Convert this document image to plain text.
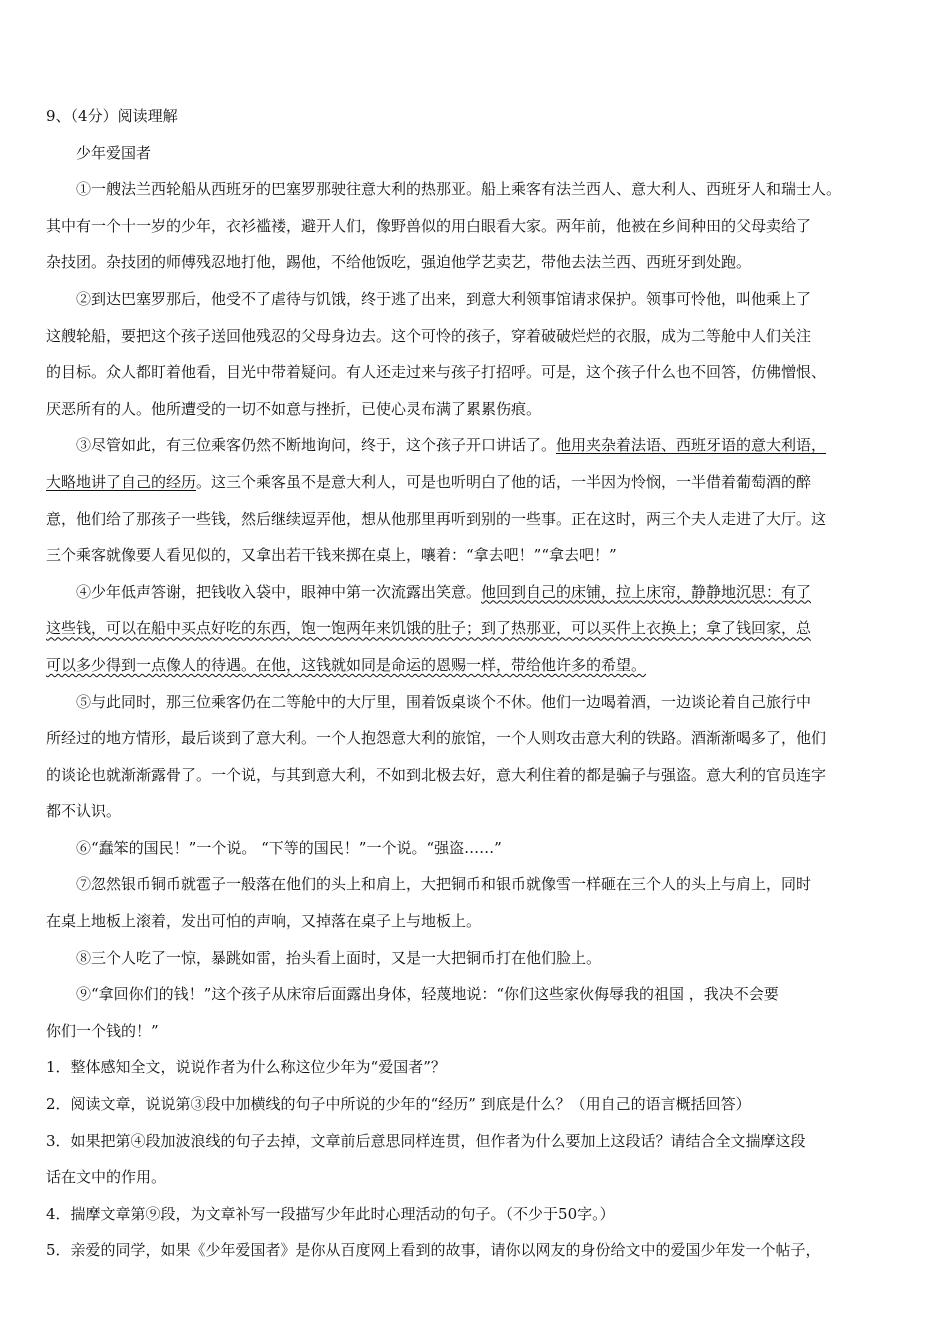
9、（4分）阅读理解
少年爱国者
①一艘法兰西轮船从西班牙的巴塞罗那驶往意大利的热那亚。船上乘客有法兰西人、意大利人、西班牙人和瑞士人。
其中有一个十一岁的少年，衣衫褴褛，避开人们，像野兽似的用白眼看大家。两年前，他被在乡间种田的父母卖给了
杂技团。杂技团的师傅残忍地打他，踢他，不给他饭吃，强迫他学艺卖艺，带他去法兰西、西班牙到处跑。
②到达巴塞罗那后，他受不了虐待与饥饿，终于逃了出来，到意大利领事馆请求保护。领事可怜他，叫他乘上了
这艘轮船，要把这个孩子送回他残忍的父母身边去。这个可怜的孩子，穿着破破烂烂的衣服，成为二等舱中人们关注
的目标。众人都盯着他看，目光中带着疑问。有人还走过来与孩子打招呼。可是，这个孩子什么也不回答，仿佛憎恨、
厌恶所有的人。他所遭受的一切不如意与挫折，已使心灵布满了累累伤痕。
③尽管如此，有三位乘客仍然不断地询问，终于，这个孩子开口讲话了。他用夹杂着法语、西班牙语的意大利语，
大略地讲了自己的经历。这三个乘客虽不是意大利人，可是也听明白了他的话，一半因为怜悯，一半借着葡萄酒的醉
意，他们给了那孩子一些钱，然后继续逗弄他，想从他那里再听到别的一些事。正在这时，两三个夫人走进了大厅。这
三个乘客就像要人看见似的，又拿出若干钱来掷在桌上，嚷着：“拿去吧！”“拿去吧！”
④少年低声答谢，把钱收入袋中，眼神中第一次流露出笑意。他回到自己的床铺，拉上床帘，静静地沉思：有了
这些钱，可以在船中买点好吃的东西，饱一饱两年来饥饿的肚子；到了热那亚，可以买件上衣换上；拿了钱回家，总
可以多少得到一点像人的待遇。在他，这钱就如同是命运的恩赐一样，带给他许多的希望。
⑤与此同时，那三位乘客仍在二等舱中的大厅里，围着饭桌谈个不休。他们一边喝着酒，一边谈论着自己旅行中
所经过的地方情形，最后谈到了意大利。一个人抱怨意大利的旅馆，一个人则攻击意大利的铁路。酒渐渐喝多了，他们
的谈论也就渐渐露骨了。一个说，与其到意大利，不如到北极去好，意大利住着的都是骗子与强盗。意大利的官员连字
都不认识。
⑥“蠢笨的国民！”一个说。 “下等的国民！”一个说。“强盗……”
⑦忽然银币铜币就雹子一般落在他们的头上和肩上，大把铜币和银币就像雪一样砸在三个人的头上与肩上，同时
在桌上地板上滚着，发出可怕的声响，又掉落在桌子上与地板上。
⑧三个人吃了一惊，暴跳如雷，抬头看上面时，又是一大把铜币打在他们脸上。
⑨“拿回你们的钱！”这个孩子从床帘后面露出身体，轻蔑地说：“你们这些家伙侮辱我的祖国 ，我决不会要
你们一个钱的！”
1．整体感知全文，说说作者为什么称这位少年为“爱国者”？
2．阅读文章，说说第③段中加横线的句子中所说的少年的“经历” 到底是什么？（用自己的语言概括回答）
3．如果把第④段加波浪线的句子去掉，文章前后意思同样连贯，但作者为什么要加上这段话？请结合全文揣摩这段
话在文中的作用。
4．揣摩文章第⑨段，为文章补写一段描写少年此时心理活动的句子。（不少于50字。）
5．亲爱的同学，如果《少年爱国者》是你从百度网上看到的故事，请你以网友的身份给文中的爱国少年发一个帖子，
